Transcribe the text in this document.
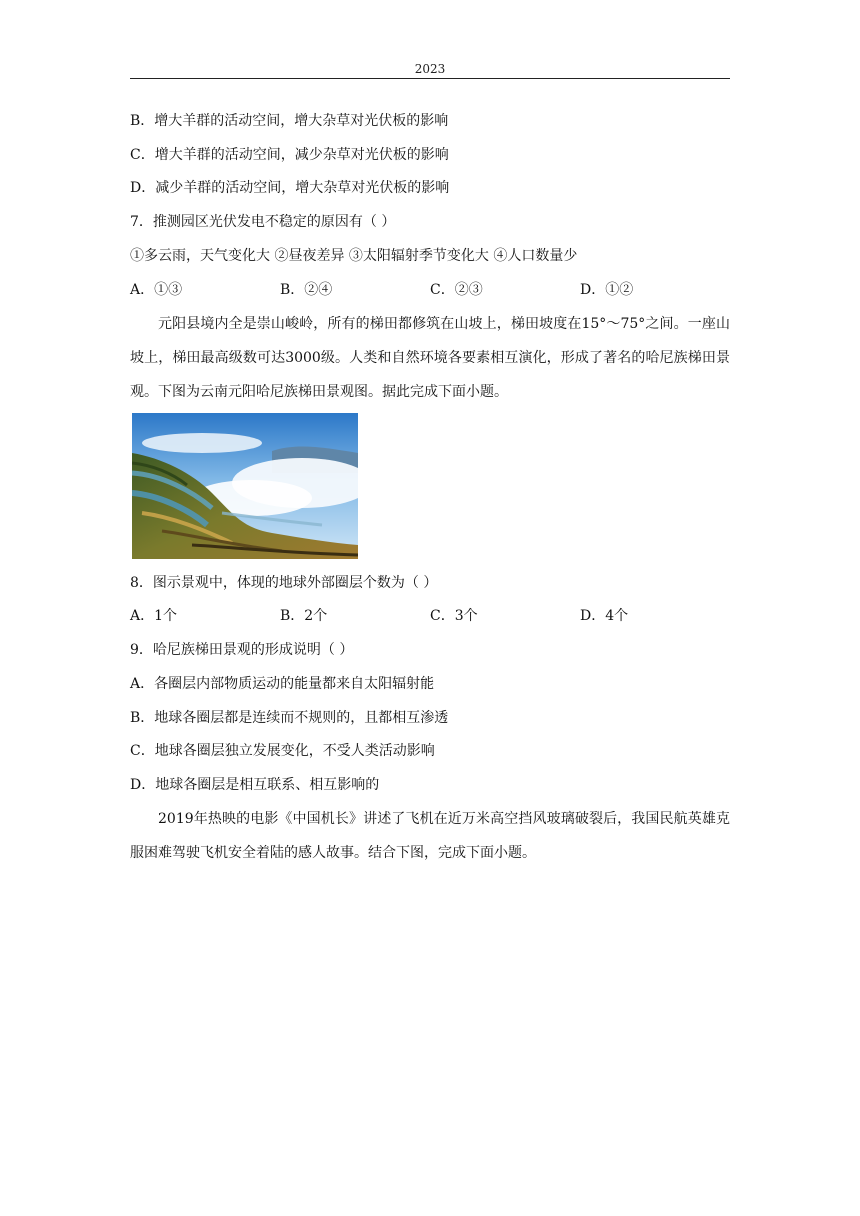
2023
B．增大羊群的活动空间，增大杂草对光伏板的影响
C．增大羊群的活动空间，减少杂草对光伏板的影响
D．减少羊群的活动空间，增大杂草对光伏板的影响
7．推测园区光伏发电不稳定的原因有（ ）
①多云雨，天气变化大 ②昼夜差异 ③太阳辐射季节变化大 ④人口数量少
A．①③	B．②④	C．②③	D．①②
元阳县境内全是崇山峻岭，所有的梯田都修筑在山坡上，梯田坡度在15°～75°之间。一座山坡上，梯田最高级数可达3000级。人类和自然环境各要素相互演化，形成了著名的哈尼族梯田景观。下图为云南元阳哈尼族梯田景观图。据此完成下面小题。
8．图示景观中，体现的地球外部圈层个数为（ ）
A．1个	B．2个	C．3个	D．4个
9．哈尼族梯田景观的形成说明（ ）
A．各圈层内部物质运动的能量都来自太阳辐射能
B．地球各圈层都是连续而不规则的，且都相互渗透
C．地球各圈层独立发展变化，不受人类活动影响
D．地球各圈层是相互联系、相互影响的
2019年热映的电影《中国机长》讲述了飞机在近万米高空挡风玻璃破裂后，我国民航英雄克服困难驾驶飞机安全着陆的感人故事。结合下图，完成下面小题。
